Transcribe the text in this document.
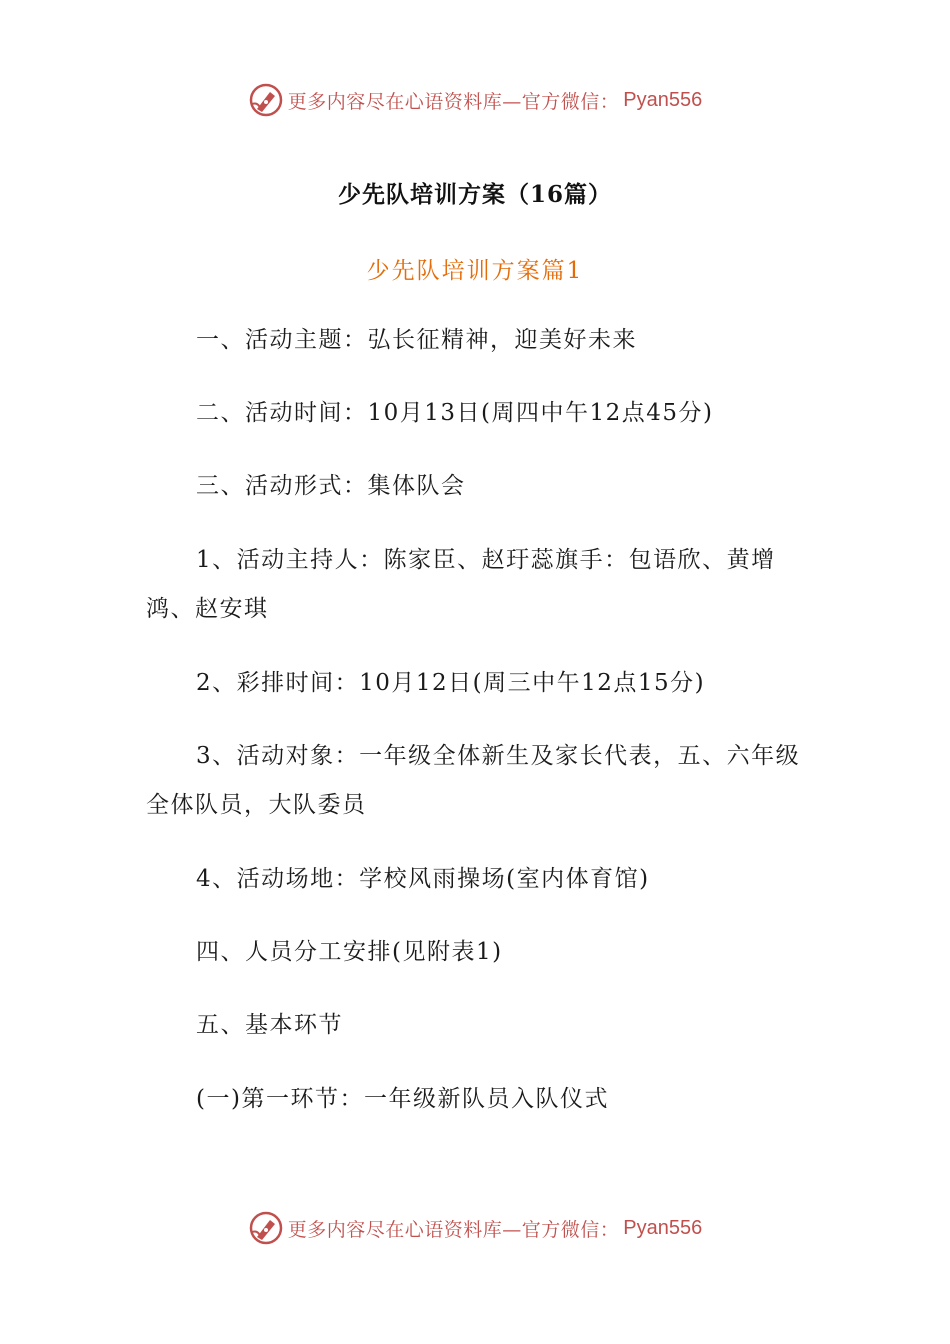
更多内容尽在心语资料库—官方微信： Pyan556
少先队培训方案（16篇）
少先队培训方案篇1

一、活动主题：弘长征精神，迎美好未来

二、活动时间：10月13日(周四中午12点45分)

三、活动形式：集体队会

1、活动主持人：陈家臣、赵玗蕊旗手：包语欣、黄增鸿、赵安琪

2、彩排时间：10月12日(周三中午12点15分)

3、活动对象：一年级全体新生及家长代表，五、六年级全体队员，大队委员

4、活动场地：学校风雨操场(室内体育馆)

四、人员分工安排(见附表1)

五、基本环节

(一)第一环节：一年级新队员入队仪式

更多内容尽在心语资料库—官方微信： Pyan556
